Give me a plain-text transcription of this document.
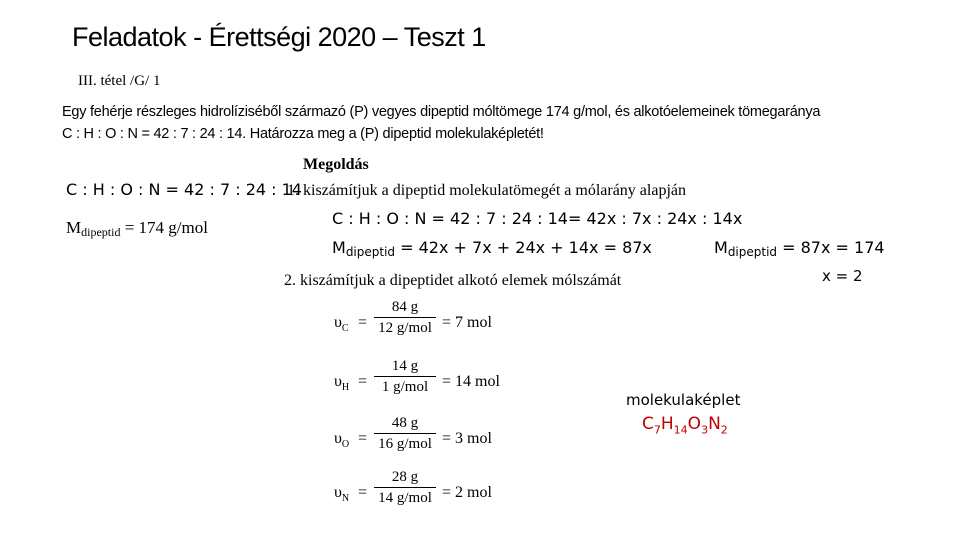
Feladatok - Érettségi 2020 – Teszt 1
III. tétel /G/ 1
Egy fehérje részleges hidrolíziséből származó (P) vegyes dipeptid móltömege 174 g/mol, és alkotóelemeinek tömegaránya
C : H : O : N = 42 : 7 : 24 : 14. Határozza meg a (P) dipeptid molekulaképletét!
C : H : O : N = 42 : 7 : 24 : 14
Mdipeptid = 174 g/mol
Megoldás
1. kiszámítjuk a dipeptid molekulatömegét a mólarány alapján
C : H : O : N = 42 : 7 : 24 : 14= 42x : 7x : 24x : 14x
Mdipeptid = 42x + 7x + 24x + 14x = 87x	Mdipeptid = 87x = 174
x = 2
2. kiszámítjuk a dipeptidet alkotó elemek mólszámát
$\upsilon_C$ =
84 g
12 g/mol = 7 mol
$\upsilon_H$ =
14 g
1 g/mol = 14 mol
$\upsilon_O$ =
48 g
16 g/mol = 3 mol
$\upsilon_N$ =
28 g
14 g/mol = 2 mol
molekulaképlet
$C_7H_{14}O_3N_2$
